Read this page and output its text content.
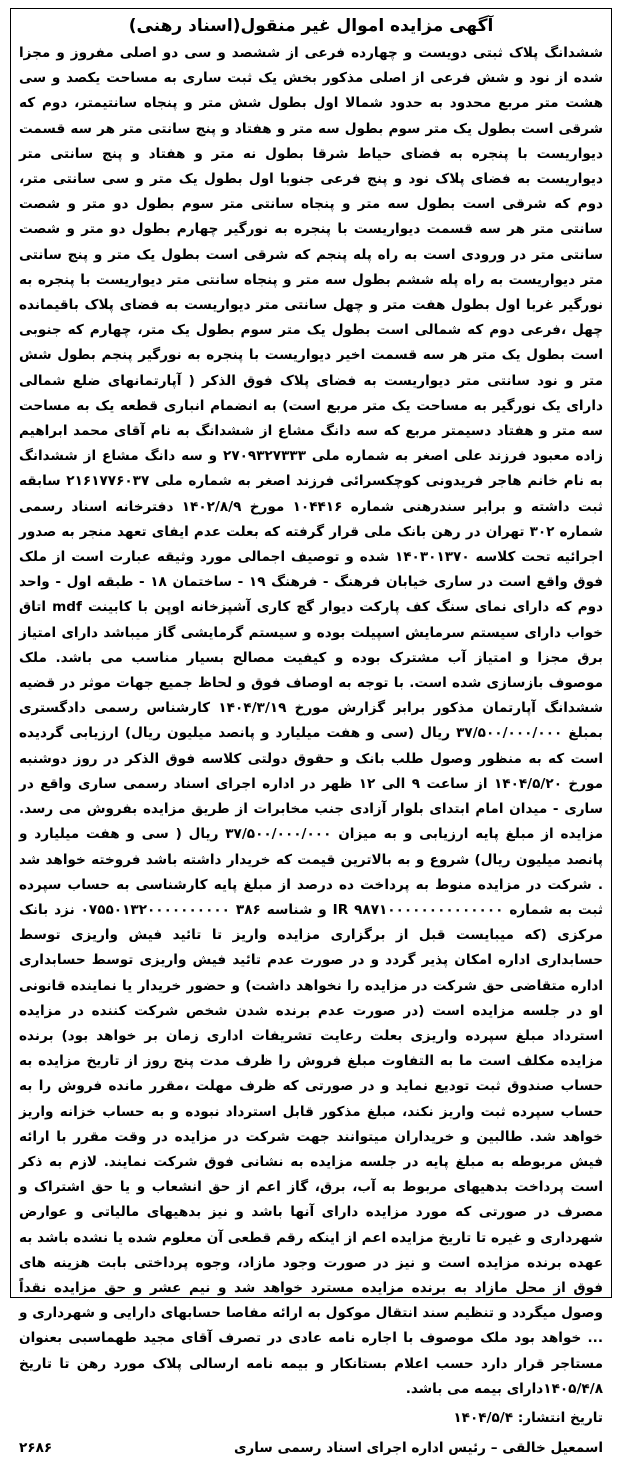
آگهی مزایده اموال غیر منقول(اسناد رهنی)

ششدانگ پلاک ثبتی دویست و چهارده فرعی از ششصد و سی دو اصلی مفروز و مجزا شده از نود و شش فرعی از اصلی مذکور بخش یک ثبت ساری به مساحت یکصد و سی هشت متر مربع محدود به حدود شمالا اول بطول شش متر و پنجاه سانتیمتر، دوم که شرقی است بطول یک متر سوم بطول سه متر و هفتاد و پنج سانتی متر هر سه قسمت دیواریست با پنجره به فضای حیاط شرقا بطول نه متر و هفتاد و پنج سانتی متر دیواریست به فضای پلاک نود و پنج فرعی جنوبا اول بطول یک متر و سی سانتی متر، دوم که شرقی است بطول سه متر و پنجاه سانتی متر سوم بطول دو متر و شصت سانتی متر هر سه قسمت دیواریست با پنجره به نورگیر چهارم بطول دو متر و شصت سانتی متر در ورودی است به راه پله پنجم که شرقی است بطول یک متر و پنج سانتی متر دیواریست به راه پله ششم بطول سه متر و پنجاه سانتی متر دیواریست با پنجره به نورگیر غربا اول بطول هفت متر و چهل سانتی متر دیواریست به فضای پلاک باقیمانده چهل ،فرعی دوم که شمالی است بطول یک متر سوم بطول یک متر، چهارم که جنوبی است بطول یک متر هر سه قسمت اخیر دیواریست با پنجره به نورگیر پنجم بطول شش متر و نود سانتی متر دیواریست به فضای پلاک فوق الذکر ( آپارتمانهای ضلع شمالی دارای یک نورگیر به مساحت یک متر مربع است) به انضمام انباری قطعه یک به مساحت سه متر و هفتاد دسیمتر مربع که سه دانگ مشاع از ششدانگ به نام آقای محمد ابراهیم زاده معبود فرزند علی اصغر به شماره ملی ۲۷۰۹۳۲۷۳۳۳ و سه دانگ مشاع از ششدانگ به نام خانم هاجر فریدونی کوچکسرائی فرزند اصغر به شماره ملی ۲۱۶۱۷۷۶۰۳۷ سابقه ثبت داشته و برابر سندرهنی شماره ۱۰۴۴۱۶ مورخ ۱۴۰۲/۸/۹ دفترخانه اسناد رسمی شماره ۳۰۲ تهران در رهن بانک ملی قرار گرفته که بعلت عدم ایفای تعهد منجر به صدور اجرائیه تحت کلاسه ۱۴۰۳۰۱۳۷۰ شده و توصیف اجمالی مورد وثیقه عبارت است از ملک فوق واقع است در ساری خیابان فرهنگ - فرهنگ ۱۹ - ساختمان ۱۸ - طبقه اول - واحد دوم که دارای نمای سنگ کف پارکت دیوار گچ کاری آشپزخانه اوپن با کابینت mdf اتاق خواب دارای سیستم سرمایش اسپیلت بوده و سیستم گرمایشی گاز میباشد دارای امتیاز برق مجزا و امتیاز آب مشترک بوده و کیفیت مصالح بسیار مناسب می باشد. ملک موصوف بازسازی شده است. با توجه به اوصاف فوق و لحاظ جمیع جهات موثر در قضیه ششدانگ آپارتمان مذکور برابر گزارش مورخ ۱۴۰۴/۳/۱۹ کارشناس رسمی دادگستری بمبلغ ۳۷/۵۰۰/۰۰۰/۰۰۰ ریال (سی و هفت میلیارد و پانصد میلیون ریال) ارزیابی گردیده است که به منظور وصول طلب بانک و حقوق دولتی کلاسه فوق الذکر در روز دوشنبه مورخ ۱۴۰۴/۵/۲۰ از ساعت ۹ الی ۱۲ ظهر در اداره اجرای اسناد رسمی ساری واقع در ساری - میدان امام ابتدای بلوار آزادی جنب مخابرات از طریق مزایده بفروش می رسد. مزایده از مبلغ پایه ارزیابی و به میزان ۳۷/۵۰۰/۰۰۰/۰۰۰ ریال ( سی و هفت میلیارد و پانصد میلیون ریال) شروع و به بالاترین قیمت که خریدار داشته باشد فروخته خواهد شد . شرکت در مزایده منوط به پرداخت ده درصد از مبلغ پایه کارشناسی به حساب سپرده ثبت به شماره ۹۸۷۱۰۰۰۰۰۰۰۰۰۰۰۰۰۰ IR و شناسه ۳۸۶ ۰۷۵۵۰۱۳۲۰۰۰۰۰۰۰۰۰۰ نزد بانک مرکزی (که میبایست قبل از برگزاری مزایده واریز تا تائید فیش واریزی توسط حسابداری اداره امکان پذیر گردد و در صورت عدم تائید فیش واریزی توسط حسابداری اداره متقاضی حق شرکت در مزایده را نخواهد داشت) و حضور خریدار یا نماینده قانونی او در جلسه مزایده است (در صورت عدم برنده شدن شخص شرکت کننده در مزایده استرداد مبلغ سپرده واریزی بعلت رعایت تشریفات اداری زمان بر خواهد بود) برنده مزایده مکلف است ما به التفاوت مبلغ فروش را ظرف مدت پنج روز از تاریخ مزایده به حساب صندوق ثبت تودیع نماید و در صورتی که ظرف مهلت ،مقرر مانده فروش را به حساب سپرده ثبت واریز نکند، مبلغ مذکور قابل استرداد نبوده و به حساب خزانه واریز خواهد شد. طالبین و خریداران میتوانند جهت شرکت در مزایده در وقت مقرر با ارائه فیش مربوطه به مبلغ پایه در جلسه مزایده به نشانی فوق شرکت نمایند. لازم به ذکر است پرداخت بدهیهای مربوط به آب، برق، گاز اعم از حق انشعاب و یا حق اشتراک و مصرف در صورتی که مورد مزایده دارای آنها باشد و نیز بدهیهای مالیاتی و عوارض شهرداری و غیره تا تاریخ مزایده اعم از اینکه رقم قطعی آن معلوم شده یا نشده باشد به عهده برنده مزایده است و نیز در صورت وجود مازاد، وجوه پرداختی بابت هزینه های فوق از محل مازاد به برنده مزایده مسترد خواهد شد و نیم عشر و حق مزایده نقداً وصول میگردد و تنظیم سند انتقال موکول به ارائه مفاصا حسابهای دارایی و شهرداری و ... خواهد بود ملک موصوف با اجاره نامه عادی در تصرف آقای مجید طهماسبی بعنوان مستاجر قرار دارد حسب اعلام بستانکار و بیمه نامه ارسالی پلاک مورد رهن تا تاریخ ۱۴۰۵/۴/۸دارای بیمه می باشد.

تاریخ انتشار: ۱۴۰۴/۵/۴
اسمعیل خالقی – رئیس اداره اجرای اسناد رسمی ساری
۲۶۸۶
